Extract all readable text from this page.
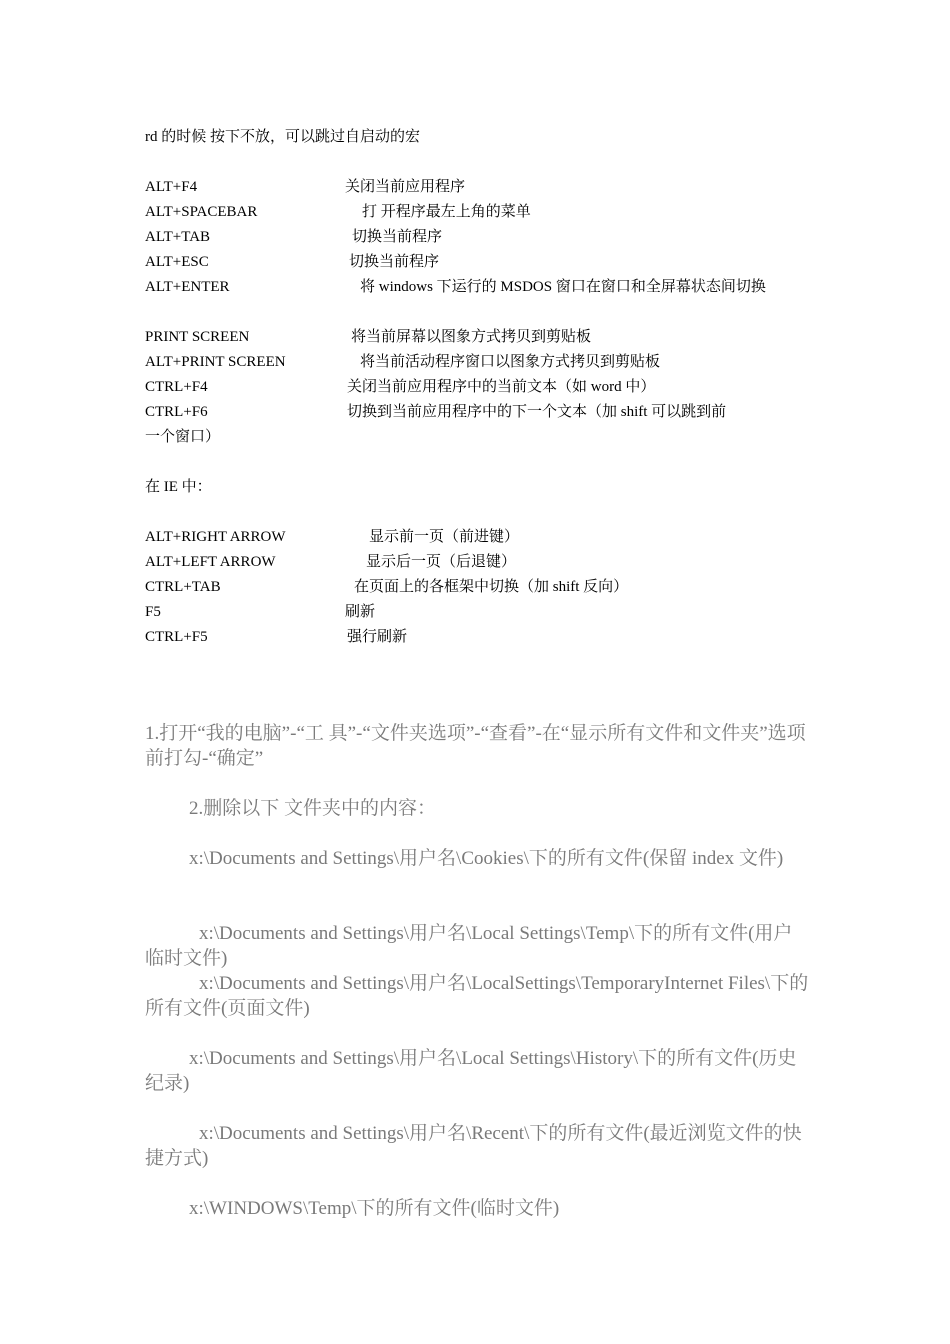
rd 的时候 按下不放，可以跳过自启动的宏
ALT+F4	关闭当前应用程序
ALT+SPACEBAR	打 开程序最左上角的菜单
ALT+TAB	切换当前程序
ALT+ESC	切换当前程序
ALT+ENTER	将 windows 下运行的 MSDOS 窗口在窗口和全屏幕状态间切换
PRINT SCREEN	将当前屏幕以图象方式拷贝到剪贴板
ALT+PRINT SCREEN	将当前活动程序窗口以图象方式拷贝到剪贴板
CTRL+F4	关闭当前应用程序中的当前文本（如 word 中）
CTRL+F6	切换到当前应用程序中的下一个文本（加 shift 可以跳到前
一个窗口）
在 IE 中：
ALT+RIGHT ARROW	显示前一页（前进键）
ALT+LEFT ARROW	显示后一页（后退键）
CTRL+TAB	在页面上的各框架中切换（加 shift 反向）
F5	刷新
CTRL+F5	强行刷新
1.打开“我的电脑”-“工 具”-“文件夹选项”-“查看”-在“显示所有文件和文件夹”选项前打勾-“确定”
2.删除以下 文件夹中的内容：
x:\Documents and Settings\用户名\Cookies\下的所有文件(保留 index 文件)
x:\Documents and Settings\用户名\Local Settings\Temp\下的所有文件(用户临时文件)
x:\Documents and Settings\用户名\LocalSettings\TemporaryInternet Files\下的所有文件(页面文件)
x:\Documents and Settings\用户名\Local Settings\History\下的所有文件(历史纪录)
x:\Documents and Settings\用户名\Recent\下的所有文件(最近浏览文件的快捷方式)
x:\WINDOWS\Temp\下的所有文件(临时文件)
